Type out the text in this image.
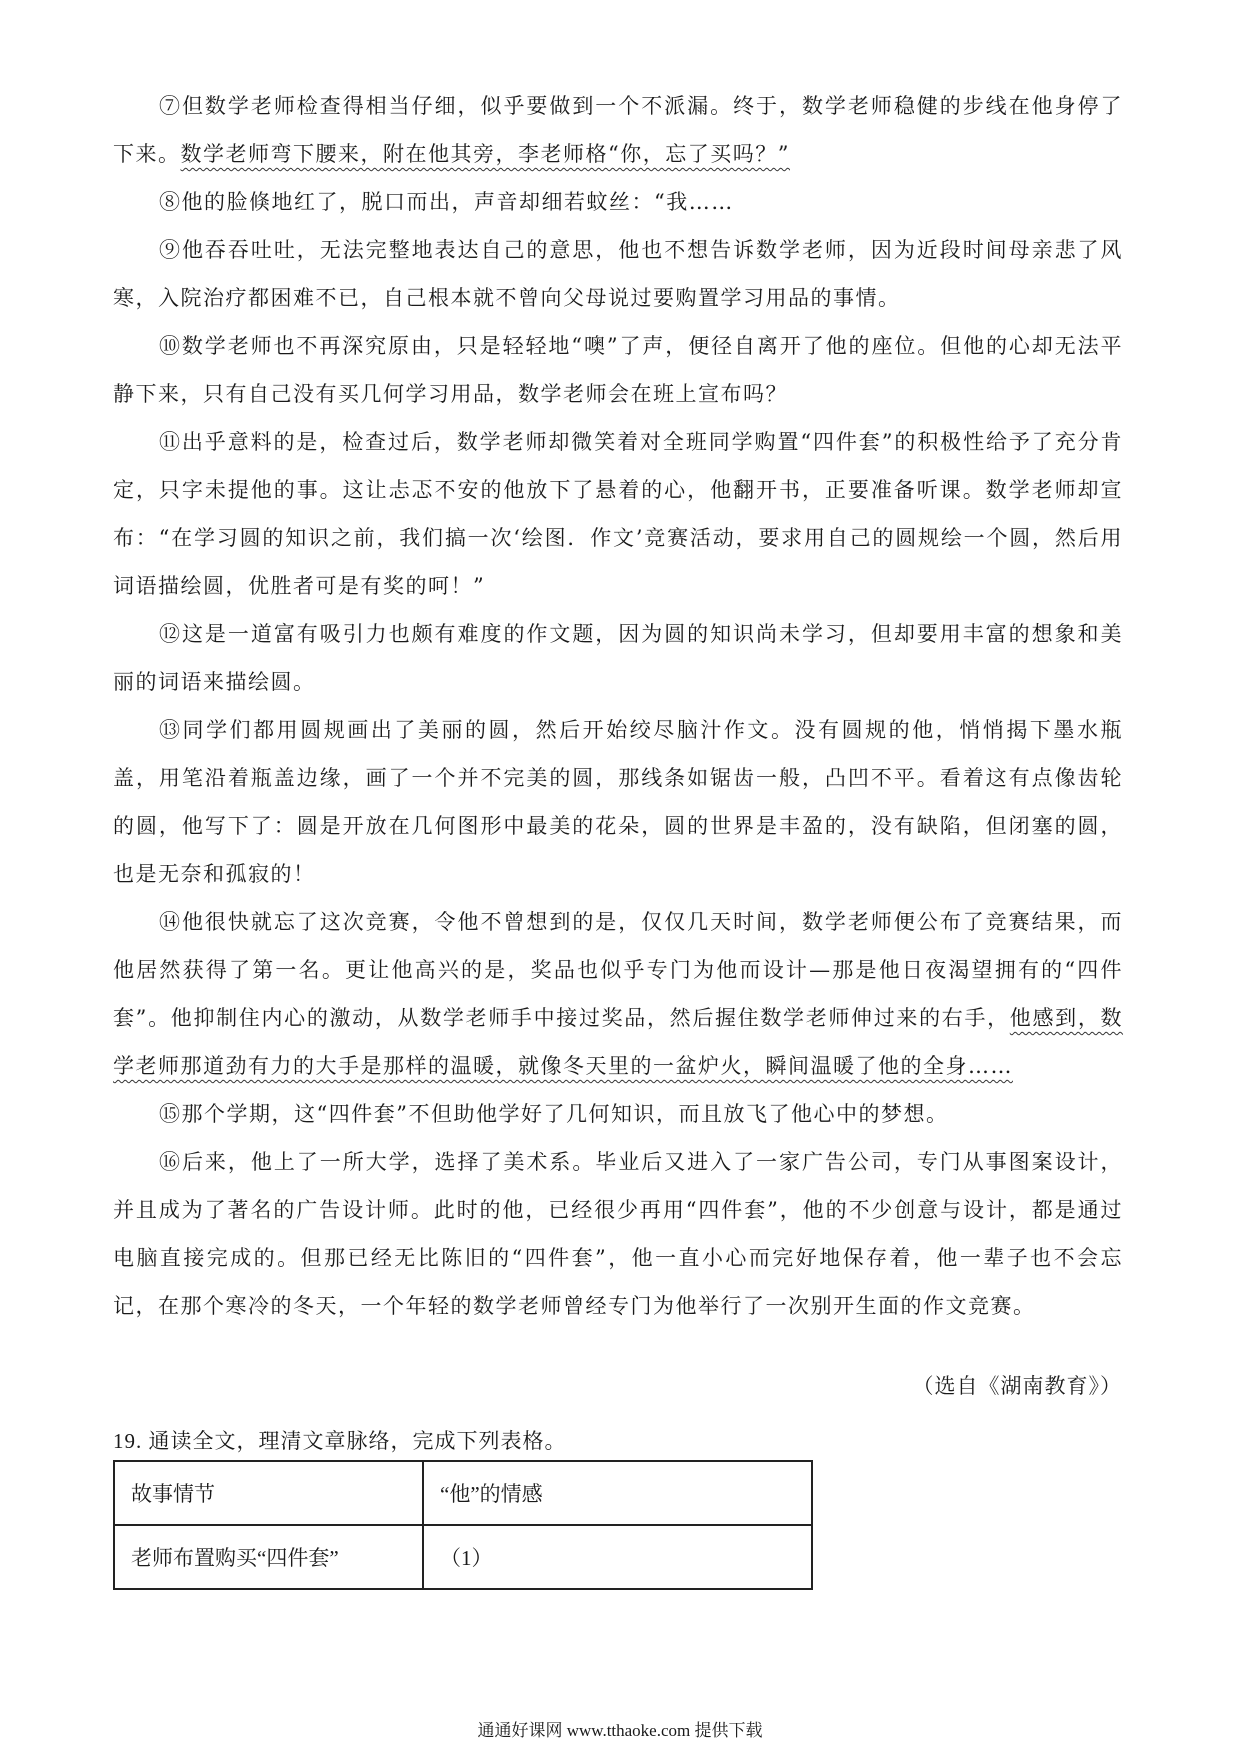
⑦但数学老师检查得相当仔细，似乎要做到一个不派漏。终于，数学老师稳健的步线在他身停了下来。数学老师弯下腰来，附在他其旁，李老师格“你，忘了买吗？”

⑧他的脸倏地红了，脱口而出，声音却细若蚊丝：“我……

⑨他吞吞吐吐，无法完整地表达自己的意思，他也不想告诉数学老师，因为近段时间母亲悲了风寒，入院治疗都困难不已，自己根本就不曾向父母说过要购置学习用品的事情。

⑩数学老师也不再深究原由，只是轻轻地“噢”了声，便径自离开了他的座位。但他的心却无法平静下来，只有自己没有买几何学习用品，数学老师会在班上宣布吗？

⑪出乎意料的是，检查过后，数学老师却微笑着对全班同学购置“四件套”的积极性给予了充分肯定，只字未提他的事。这让忐忑不安的他放下了悬着的心，他翻开书，正要准备听课。数学老师却宣布：“在学习圆的知识之前，我们搞一次‘绘图．作文’竞赛活动，要求用自己的圆规绘一个圆，然后用词语描绘圆，优胜者可是有奖的呵！”

⑫这是一道富有吸引力也颇有难度的作文题，因为圆的知识尚未学习，但却要用丰富的想象和美丽的词语来描绘圆。

⑬同学们都用圆规画出了美丽的圆，然后开始绞尽脑汁作文。没有圆规的他，悄悄揭下墨水瓶盖，用笔沿着瓶盖边缘，画了一个并不完美的圆，那线条如锯齿一般，凸凹不平。看着这有点像齿轮的圆，他写下了：圆是开放在几何图形中最美的花朵，圆的世界是丰盈的，没有缺陷，但闭塞的圆，也是无奈和孤寂的！

⑭他很快就忘了这次竞赛，令他不曾想到的是，仅仅几天时间，数学老师便公布了竞赛结果，而他居然获得了第一名。更让他高兴的是，奖品也似乎专门为他而设计—那是他日夜渴望拥有的“四件套”。他抑制住内心的激动，从数学老师手中接过奖品，然后握住数学老师伸过来的右手，他感到，数学老师那道劲有力的大手是那样的温暖，就像冬天里的一盆炉火，瞬间温暖了他的全身……

⑮那个学期，这“四件套”不但助他学好了几何知识，而且放飞了他心中的梦想。

⑯后来，他上了一所大学，选择了美术系。毕业后又进入了一家广告公司，专门从事图案设计，并且成为了著名的广告设计师。此时的他，已经很少再用“四件套”，他的不少创意与设计，都是通过电脑直接完成的。但那已经无比陈旧的“四件套”，他一直小心而完好地保存着，他一辈子也不会忘记，在那个寒冷的冬天，一个年轻的数学老师曾经专门为他举行了一次别开生面的作文竞赛。

（选自《湖南教育》）
19. 通读全文，理清文章脉络，完成下列表格。
故事情节	“他”的情感
老师布置购买“四件套”	（1）
通通好课网 www.tthaoke.com 提供下载
